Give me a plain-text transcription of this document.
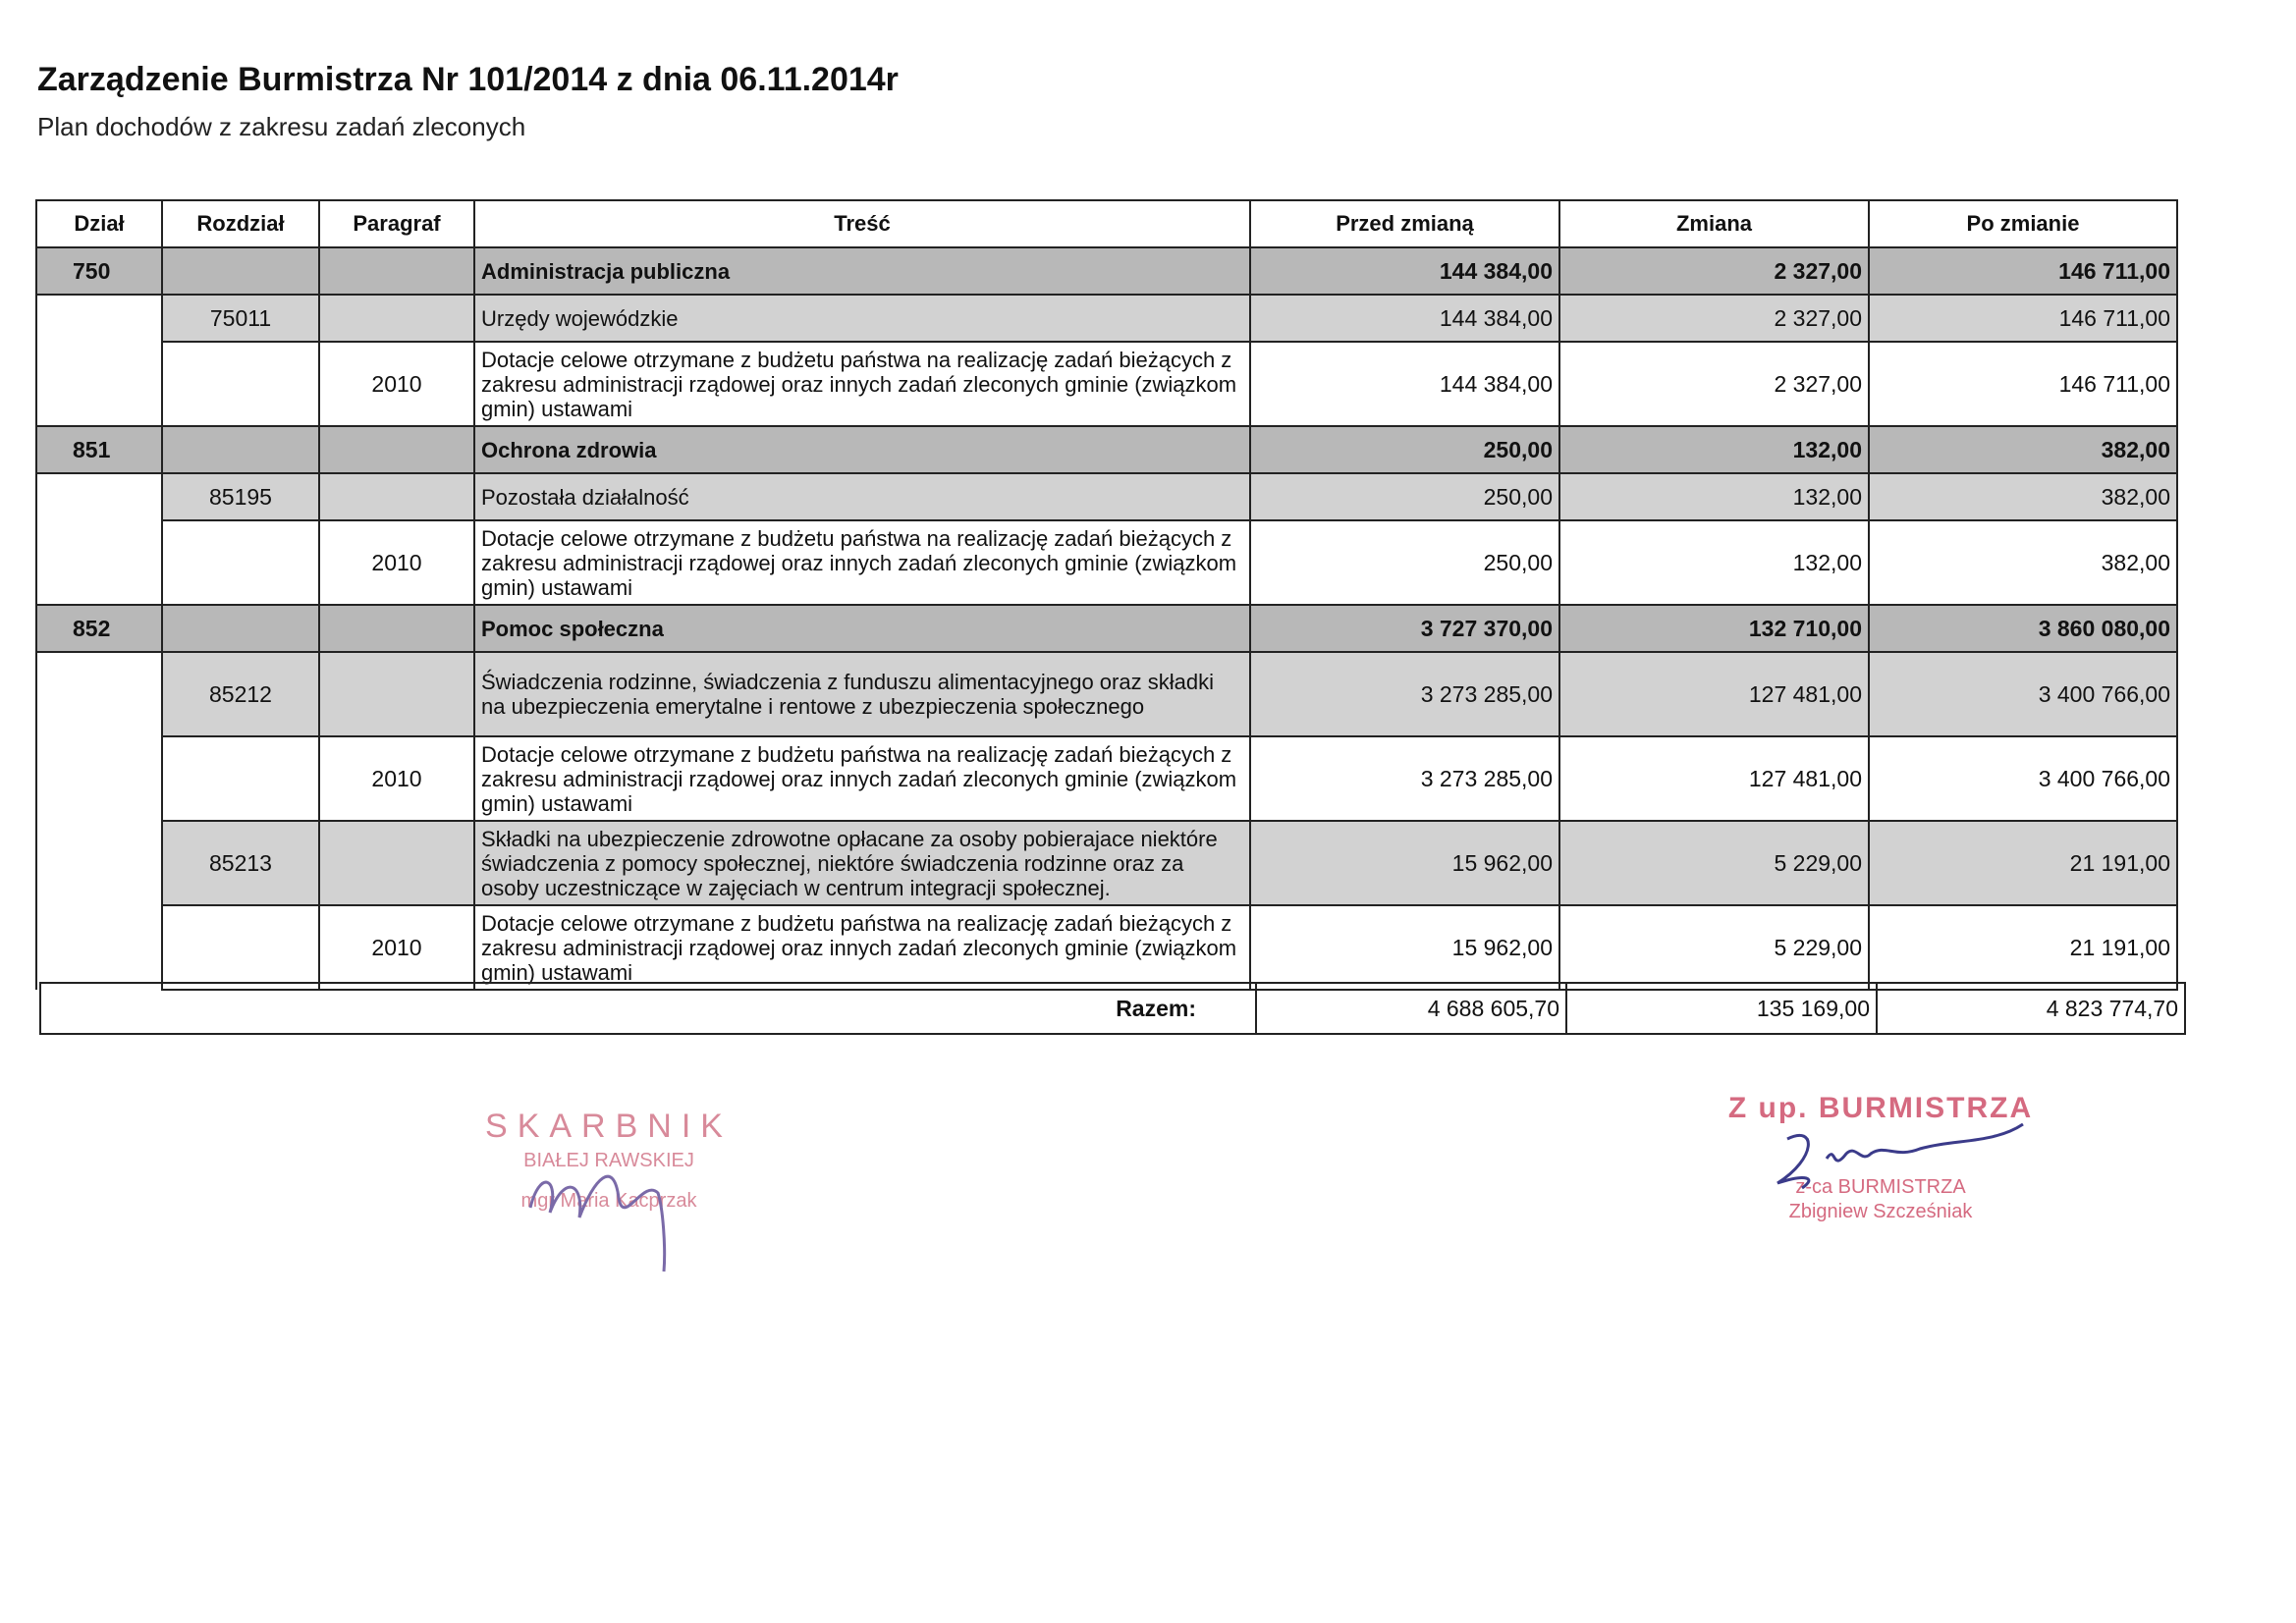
Zarządzenie Burmistrza Nr 101/2014 z dnia 06.11.2014r

Plan dochodów z zakresu zadań zleconych

Dział	Rozdział	Paragraf	Treść	Przed zmianą	Zmiana	Po zmianie
750			Administracja publiczna	144 384,00	2 327,00	146 711,00
	75011		Urzędy wojewódzkie	144 384,00	2 327,00	146 711,00
		2010	Dotacje celowe otrzymane z budżetu państwa na realizację zadań bieżących z zakresu administracji rządowej oraz innych zadań zleconych gminie (związkom gmin) ustawami	144 384,00	2 327,00	146 711,00
851			Ochrona zdrowia	250,00	132,00	382,00
	85195		Pozostała działalność	250,00	132,00	382,00
		2010	Dotacje celowe otrzymane z budżetu państwa na realizację zadań bieżących z zakresu administracji rządowej oraz innych zadań zleconych gminie (związkom gmin) ustawami	250,00	132,00	382,00
852			Pomoc społeczna	3 727 370,00	132 710,00	3 860 080,00
	85212		Świadczenia rodzinne, świadczenia z funduszu alimentacyjnego oraz składki na ubezpieczenia emerytalne i rentowe z ubezpieczenia społecznego	3 273 285,00	127 481,00	3 400 766,00
		2010	Dotacje celowe otrzymane z budżetu państwa na realizację zadań bieżących z zakresu administracji rządowej oraz innych zadań zleconych gminie (związkom gmin) ustawami	3 273 285,00	127 481,00	3 400 766,00
	85213		Składki na ubezpieczenie zdrowotne opłacane za osoby pobierajace niektóre świadczenia z pomocy społecznej, niektóre świadczenia rodzinne oraz za osoby uczestniczące w zajęciach w centrum integracji społecznej.	15 962,00	5 229,00	21 191,00
		2010	Dotacje celowe otrzymane z budżetu państwa na realizację zadań bieżących z zakresu administracji rządowej oraz innych zadań zleconych gminie (związkom gmin) ustawami	15 962,00	5 229,00	21 191,00
Razem:	4 688 605,70	135 169,00	4 823 774,70
SKARBNIK
BIAŁEJ RAWSKIEJ
mgr Maria Kacprzak
Z up. BURMISTRZA
z-ca BURMISTRZA
Zbigniew Szcześniak
